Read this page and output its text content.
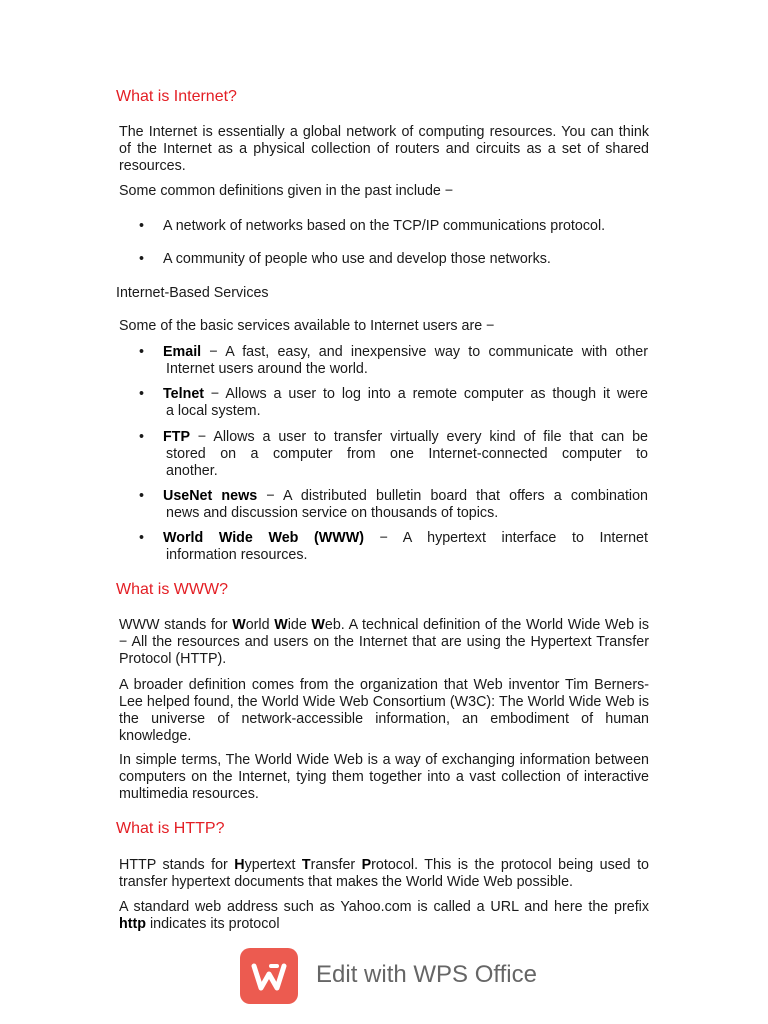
What is Internet?

The Internet is essentially a global network of computing resources. You can think of the Internet as a physical collection of routers and circuits as a set of shared resources.

Some common definitions given in the past include −

•	A network of networks based on the TCP/IP communications protocol.
•	A community of people who use and develop those networks.

Internet-Based Services

Some of the basic services available to Internet users are −

•	Email − A fast, easy, and inexpensive way to communicate with other
Internet users around the world.
•	Telnet − Allows a user to log into a remote computer as though it were
a local system.
•	FTP − Allows a user to transfer virtually every kind of file that can be
stored on a computer from one Internet-connected computer to
another.
•	UseNet news − A distributed bulletin board that offers a combination
news and discussion service on thousands of topics.
•	World Wide Web (WWW) − A hypertext interface to Internet
information resources.
What is WWW?

WWW stands for World Wide Web. A technical definition of the World Wide Web is − All the resources and users on the Internet that are using the Hypertext Transfer Protocol (HTTP).

A broader definition comes from the organization that Web inventor Tim Berners-Lee helped found, the World Wide Web Consortium (W3C): The World Wide Web is the universe of network-accessible information, an embodiment of human knowledge.

In simple terms, The World Wide Web is a way of exchanging information between computers on the Internet, tying them together into a vast collection of interactive multimedia resources.

What is HTTP?

HTTP stands for Hypertext Transfer Protocol. This is the protocol being used to transfer hypertext documents that makes the World Wide Web possible.

A standard web address such as Yahoo.com is called a URL and here the prefix http indicates its protocol

Edit with WPS Office
